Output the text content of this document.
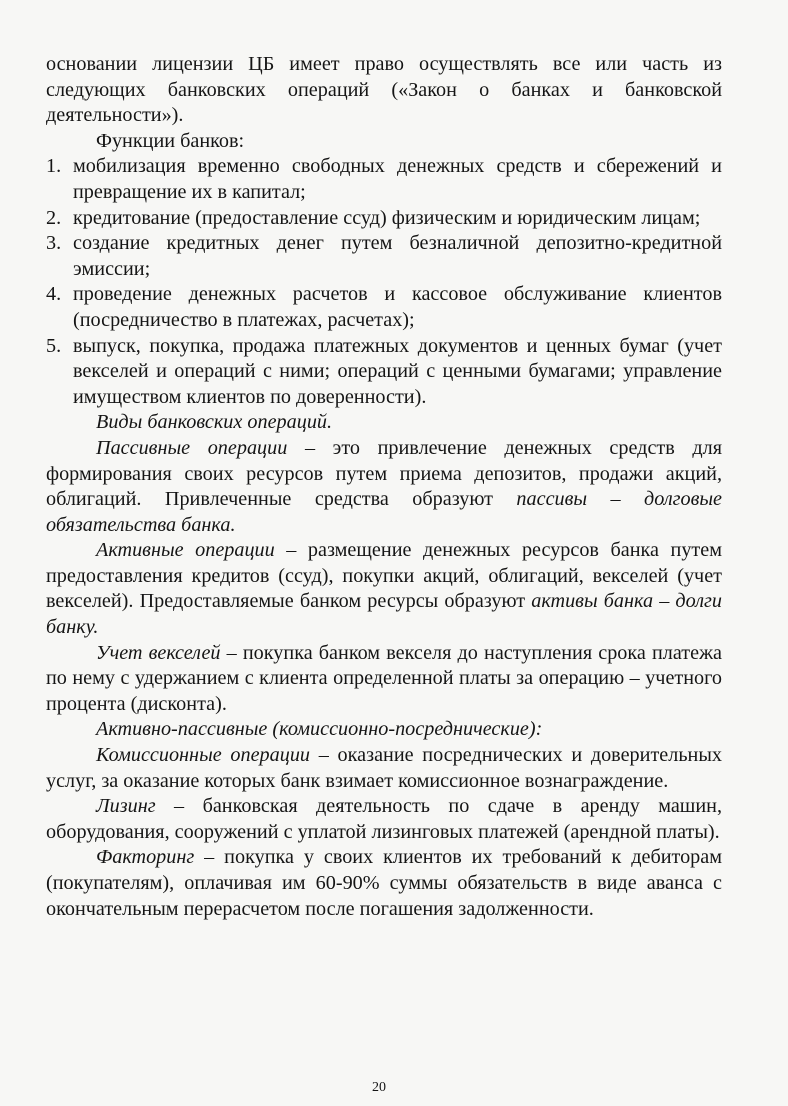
основании лицензии ЦБ имеет право осуществлять все или часть из следующих банковских операций («Закон о банках и банковской деятельности»).

Функции банков:

1. мобилизация временно свободных денежных средств и сбережений и превращение их в капитал;
2. кредитование (предоставление ссуд) физическим и юридическим лицам;
3. создание кредитных денег путем безналичной депозитно-кредитной эмиссии;
4. проведение денежных расчетов и кассовое обслуживание клиентов (посредничество в платежах, расчетах);
5. выпуск, покупка, продажа платежных документов и ценных бумаг (учет векселей и операций с ними; операций с ценными бумагами; управление имуществом клиентов по доверенности).

Виды банковских операций.

Пассивные операции – это привлечение денежных средств для формирования своих ресурсов путем приема депозитов, продажи акций, облигаций. Привлеченные средства образуют пассивы – долговые обязательства банка.

Активные операции – размещение денежных ресурсов банка путем предоставления кредитов (ссуд), покупки акций, облигаций, векселей (учет векселей). Предоставляемые банком ресурсы образуют активы банка – долги банку.

Учет векселей – покупка банком векселя до наступления срока платежа по нему с удержанием с клиента определенной платы за операцию – учетного процента (дисконта).

Активно-пассивные (комиссионно-посреднические):

Комиссионные операции – оказание посреднических и доверительных услуг, за оказание которых банк взимает комиссионное вознаграждение.

Лизинг – банковская деятельность по сдаче в аренду машин, оборудования, сооружений с уплатой лизинговых платежей (арендной платы).

Факторинг – покупка у своих клиентов их требований к дебиторам (покупателям), оплачивая им 60-90% суммы обязательств в виде аванса с окончательным перерасчетом после погашения задолженности.

20
